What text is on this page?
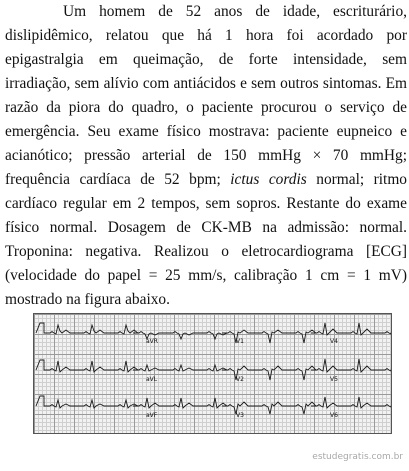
Um homem de 52 anos de idade, escriturário, dislipidêmico, relatou que há 1 hora foi acordado por epigastralgia em queimação, de forte intensidade, sem irradiação, sem alívio com antiácidos e sem outros sintomas. Em razão da piora do quadro, o paciente procurou o serviço de emergência. Seu exame físico mostrava: paciente eupneico e acianótico; pressão arterial de 150 mmHg × 70 mmHg; frequência cardíaca de 52 bpm; ictus cordis normal; ritmo cardíaco regular em 2 tempos, sem sopros. Restante do exame físico normal. Dosagem de CK-MB na admissão: normal. Troponina: negativa. Realizou o eletrocardiograma [ECG] (velocidade do papel = 25 mm/s, calibração 1 cm = 1 mV) mostrado na figura abaixo.

aVR	V1	V4
aVL	V2	V5
aVF	V3	V6
estudegratis.com.br
